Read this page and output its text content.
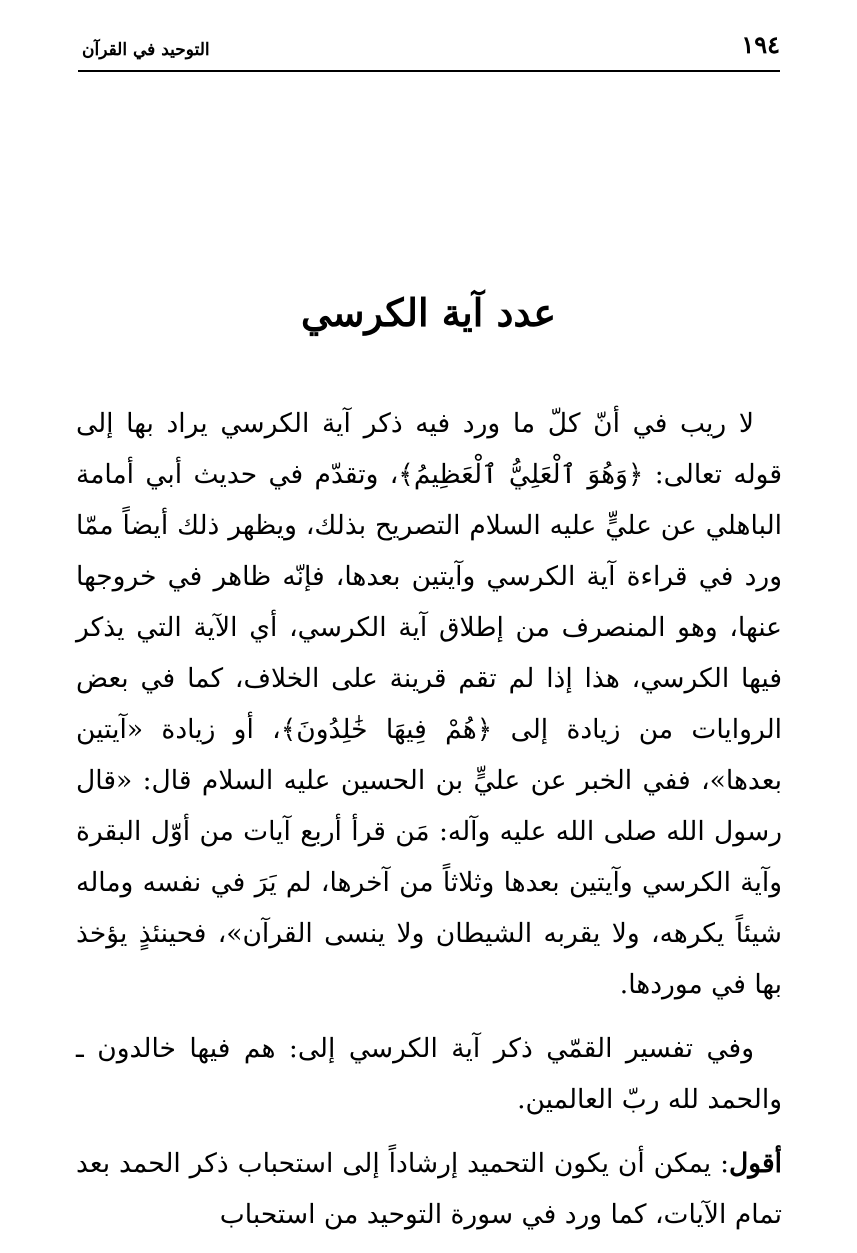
١٩٤
التوحيد في القرآن
عدد آية الكرسي

لا ريب في أنّ كلّ ما ورد فيه ذكر آية الكرسي يراد بها إلى قوله تعالى: ﴿وَهُوَ ٱلْعَلِيُّ ٱلْعَظِيمُ﴾، وتقدّم في حديث أبي أمامة الباهلي عن عليٍّ عليه السلام التصريح بذلك، ويظهر ذلك أيضاً ممّا ورد في قراءة آية الكرسي وآيتين بعدها، فإنّه ظاهر في خروجها عنها، وهو المنصرف من إطلاق آية الكرسي، أي الآية التي يذكر فيها الكرسي، هذا إذا لم تقم قرينة على الخلاف، كما في بعض الروايات من زيادة إلى ﴿هُمْ فِيهَا خَٰلِدُونَ﴾، أو زيادة «آيتين بعدها»، ففي الخبر عن عليٍّ بن الحسين عليه السلام قال: «قال رسول الله صلى الله عليه وآله: مَن قرأ أربع آيات من أوّل البقرة وآية الكرسي وآيتين بعدها وثلاثاً من آخرها، لم يَرَ في نفسه وماله شيئاً يكرهه، ولا يقربه الشيطان ولا ينسى القرآن»، فحينئذٍ يؤخذ بها في موردها.

وفي تفسير القمّي ذكر آية الكرسي إلى: هم فيها خالدون ـ والحمد لله ربّ العالمين.

أقول: يمكن أن يكون التحميد إرشاداً إلى استحباب ذكر الحمد بعد تمام الآيات، كما ورد في سورة التوحيد من استحباب
